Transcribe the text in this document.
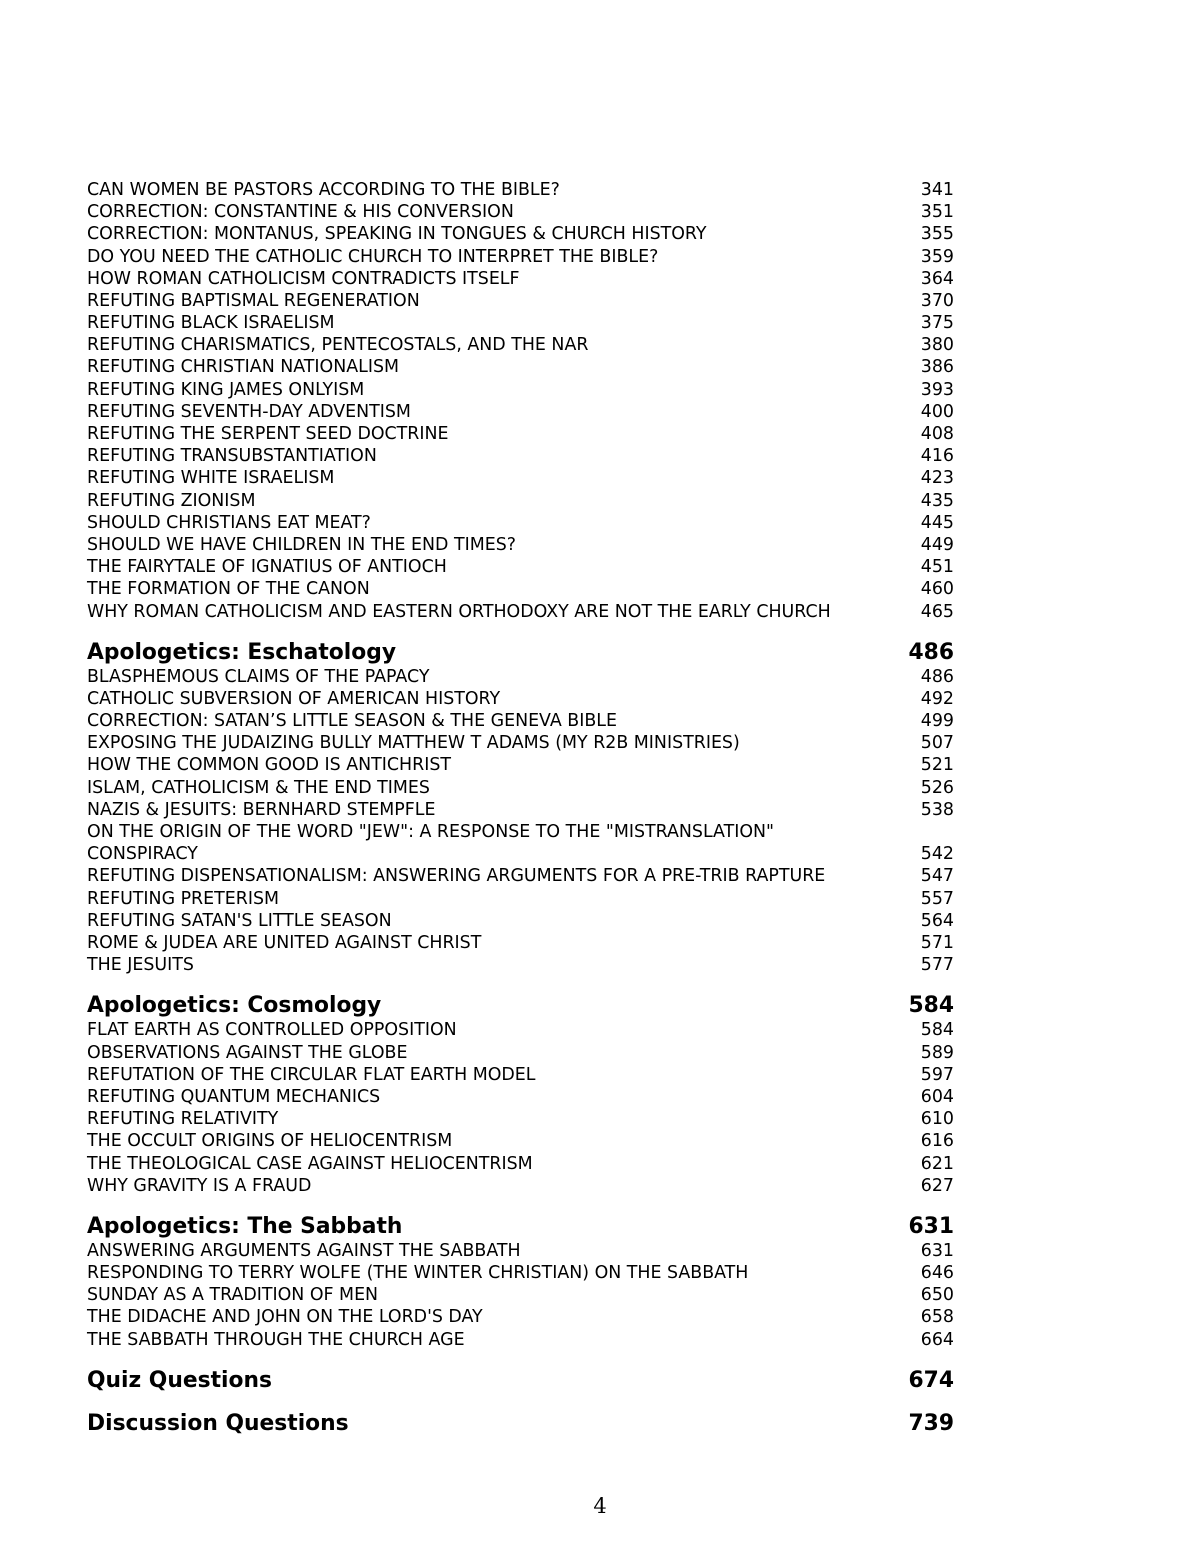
CAN WOMEN BE PASTORS ACCORDING TO THE BIBLE?	341
CORRECTION: CONSTANTINE & HIS CONVERSION	351
CORRECTION: MONTANUS, SPEAKING IN TONGUES & CHURCH HISTORY	355
DO YOU NEED THE CATHOLIC CHURCH TO INTERPRET THE BIBLE?	359
HOW ROMAN CATHOLICISM CONTRADICTS ITSELF	364
REFUTING BAPTISMAL REGENERATION	370
REFUTING BLACK ISRAELISM	375
REFUTING CHARISMATICS, PENTECOSTALS, AND THE NAR	380
REFUTING CHRISTIAN NATIONALISM	386
REFUTING KING JAMES ONLYISM	393
REFUTING SEVENTH-DAY ADVENTISM	400
REFUTING THE SERPENT SEED DOCTRINE	408
REFUTING TRANSUBSTANTIATION	416
REFUTING WHITE ISRAELISM	423
REFUTING ZIONISM	435
SHOULD CHRISTIANS EAT MEAT?	445
SHOULD WE HAVE CHILDREN IN THE END TIMES?	449
THE FAIRYTALE OF IGNATIUS OF ANTIOCH	451
THE FORMATION OF THE CANON	460
WHY ROMAN CATHOLICISM AND EASTERN ORTHODOXY ARE NOT THE EARLY CHURCH	465
Apologetics: Eschatology	486
BLASPHEMOUS CLAIMS OF THE PAPACY	486
CATHOLIC SUBVERSION OF AMERICAN HISTORY	492
CORRECTION: SATAN’S LITTLE SEASON & THE GENEVA BIBLE	499
EXPOSING THE JUDAIZING BULLY MATTHEW T ADAMS (MY R2B MINISTRIES)	507
HOW THE COMMON GOOD IS ANTICHRIST	521
ISLAM, CATHOLICISM & THE END TIMES	526
NAZIS & JESUITS: BERNHARD STEMPFLE	538
ON THE ORIGIN OF THE WORD "JEW": A RESPONSE TO THE "MISTRANSLATION" CONSPIRACY	542
REFUTING DISPENSATIONALISM: ANSWERING ARGUMENTS FOR A PRE-TRIB RAPTURE	547
REFUTING PRETERISM	557
REFUTING SATAN'S LITTLE SEASON	564
ROME & JUDEA ARE UNITED AGAINST CHRIST	571
THE JESUITS	577
Apologetics: Cosmology	584
FLAT EARTH AS CONTROLLED OPPOSITION	584
OBSERVATIONS AGAINST THE GLOBE	589
REFUTATION OF THE CIRCULAR FLAT EARTH MODEL	597
REFUTING QUANTUM MECHANICS	604
REFUTING RELATIVITY	610
THE OCCULT ORIGINS OF HELIOCENTRISM	616
THE THEOLOGICAL CASE AGAINST HELIOCENTRISM	621
WHY GRAVITY IS A FRAUD	627
Apologetics: The Sabbath	631
ANSWERING ARGUMENTS AGAINST THE SABBATH	631
RESPONDING TO TERRY WOLFE (THE WINTER CHRISTIAN) ON THE SABBATH	646
SUNDAY AS A TRADITION OF MEN	650
THE DIDACHE AND JOHN ON THE LORD'S DAY	658
THE SABBATH THROUGH THE CHURCH AGE	664
Quiz Questions	674
Discussion Questions	739
4
